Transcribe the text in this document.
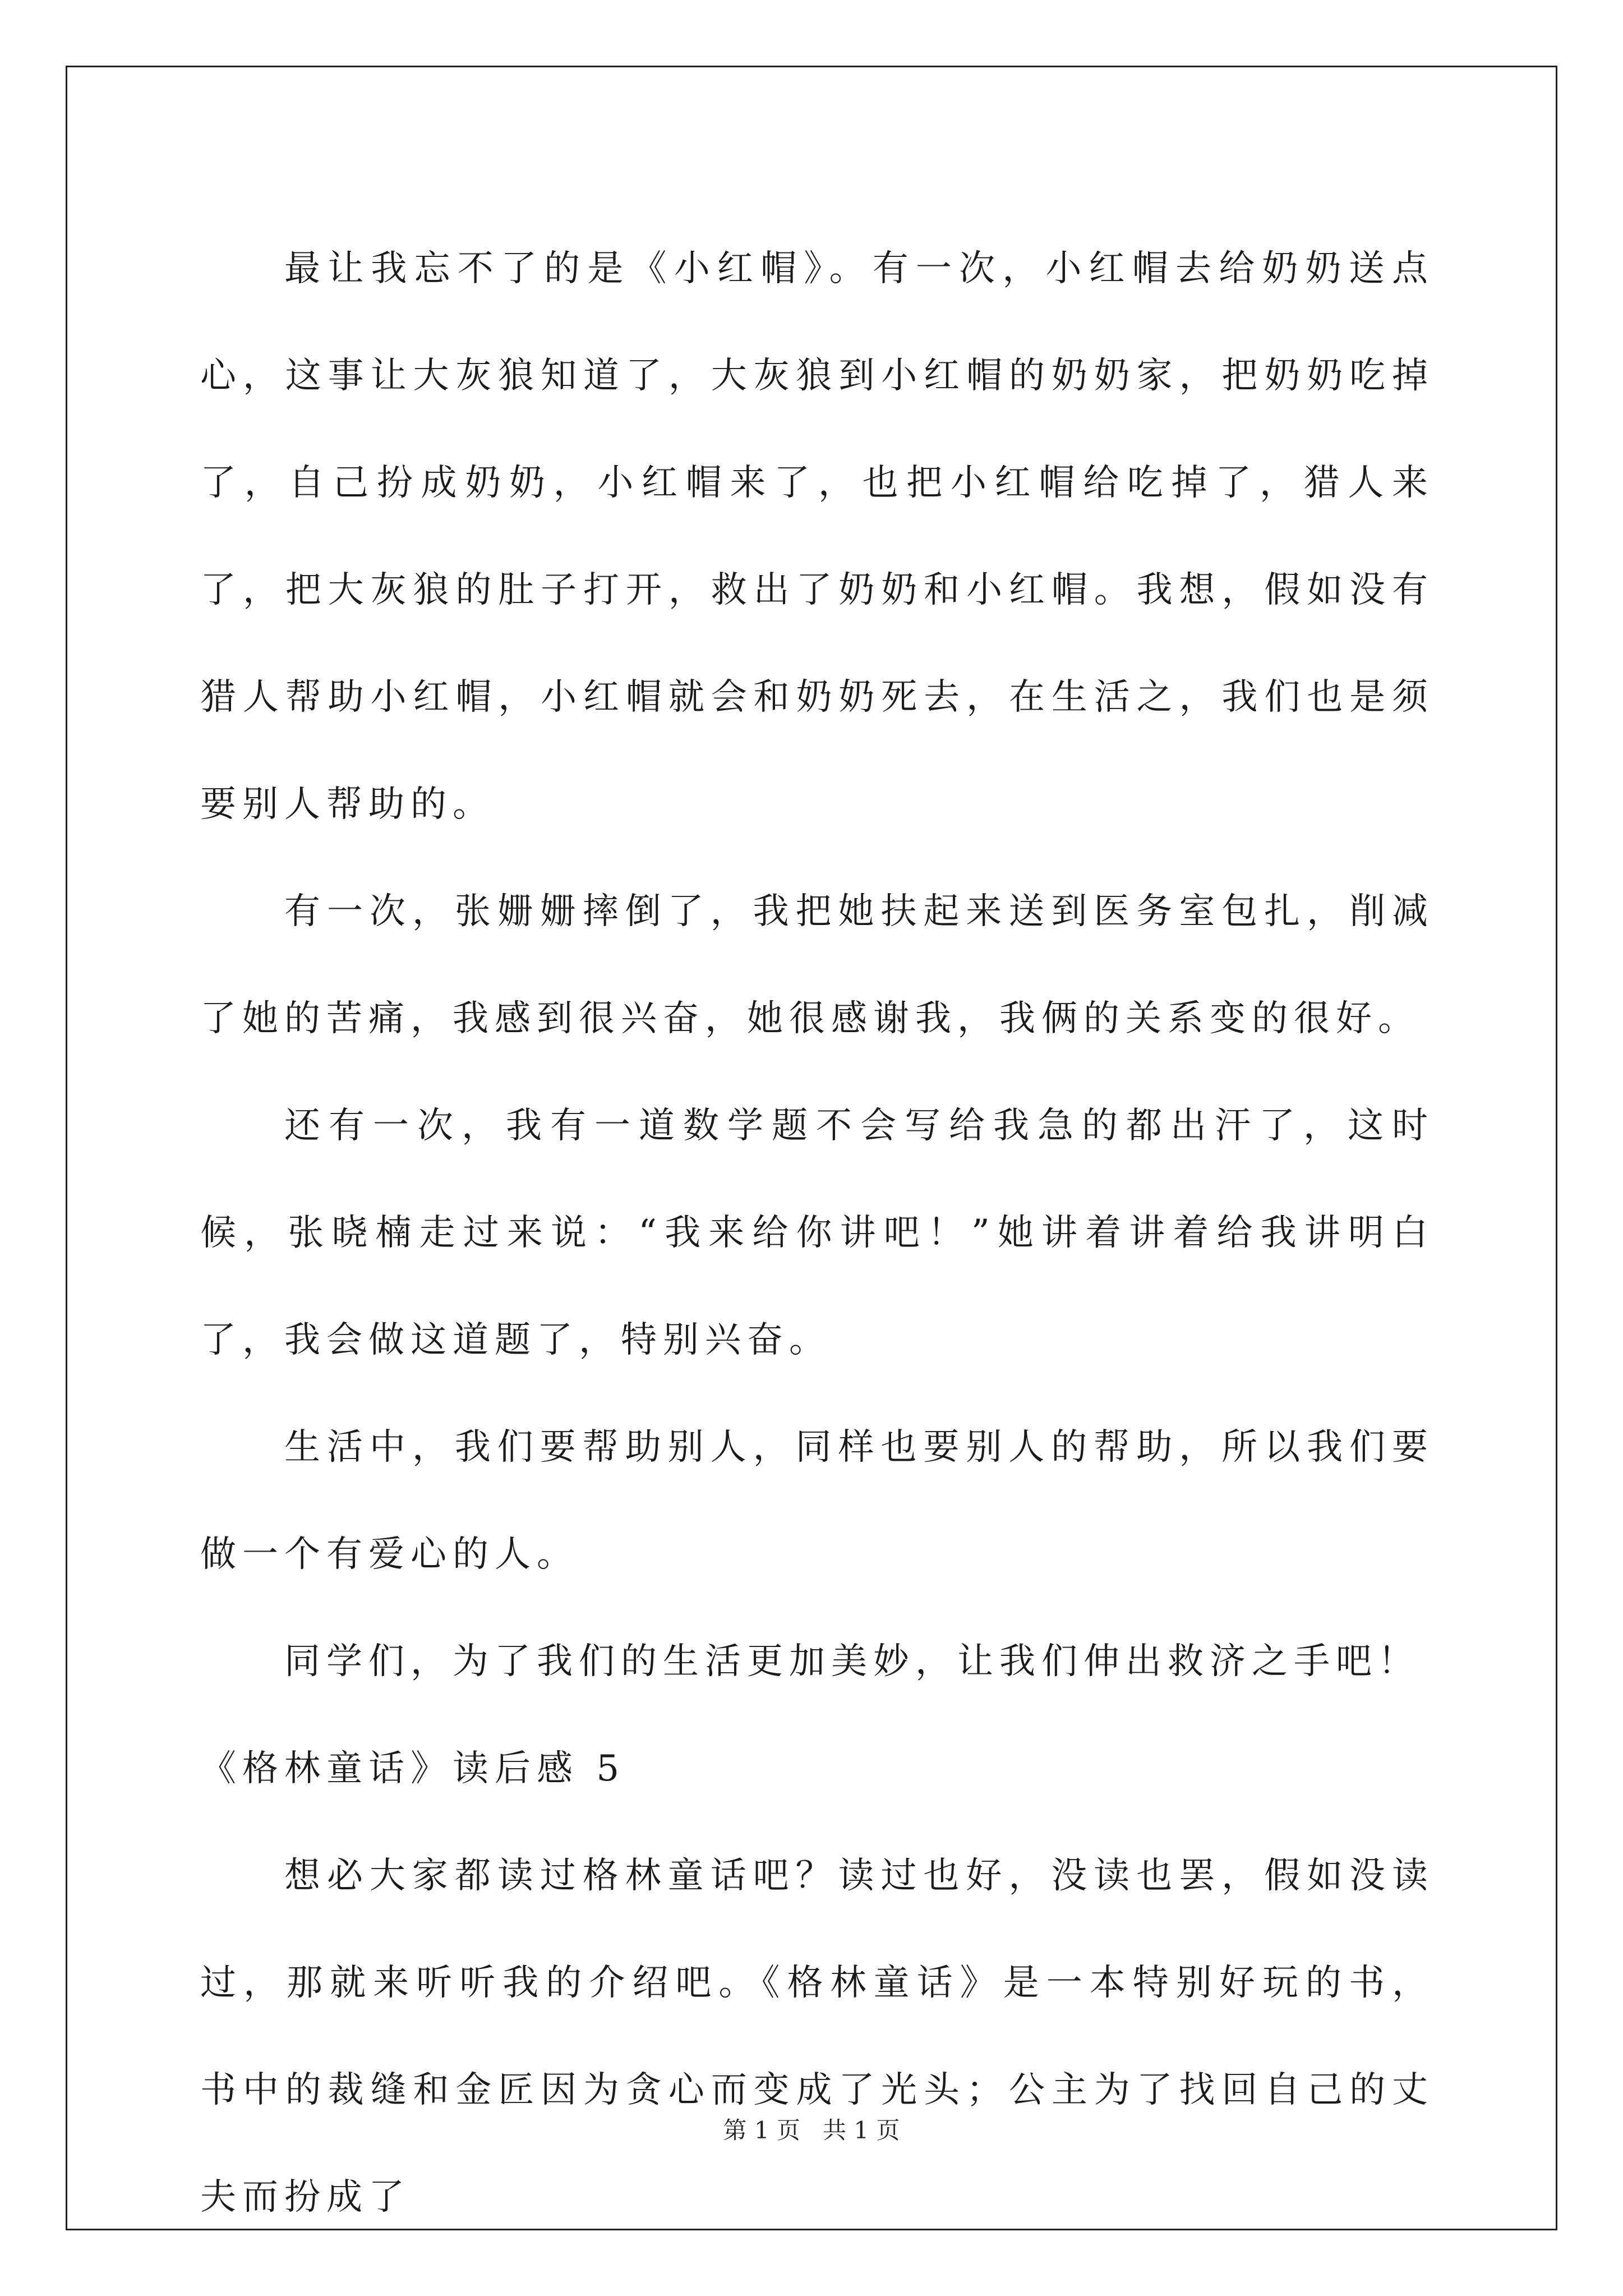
最让我忘不了的是《小红帽》。有一次，小红帽去给奶奶送点心，这事让大灰狼知道了，大灰狼到小红帽的奶奶家，把奶奶吃掉了，自己扮成奶奶，小红帽来了，也把小红帽给吃掉了，猎人来了，把大灰狼的肚子打开，救出了奶奶和小红帽。我想，假如没有猎人帮助小红帽，小红帽就会和奶奶死去，在生活之，我们也是须要别人帮助的。

有一次，张姗姗摔倒了，我把她扶起来送到医务室包扎，削减了她的苦痛，我感到很兴奋，她很感谢我，我俩的关系变的很好。

还有一次，我有一道数学题不会写给我急的都出汗了，这时候，张晓楠走过来说：“我来给你讲吧！”她讲着讲着给我讲明白了，我会做这道题了，特别兴奋。

生活中，我们要帮助别人，同样也要别人的帮助，所以我们要做一个有爱心的人。

同学们，为了我们的生活更加美妙，让我们伸出救济之手吧！

《格林童话》读后感 5

想必大家都读过格林童话吧？读过也好，没读也罢，假如没读过，那就来听听我的介绍吧。《格林童话》是一本特别好玩的书，书中的裁缝和金匠因为贪心而变成了光头；公主为了找回自己的丈夫而扮成了

第 1 页   共 1 页
